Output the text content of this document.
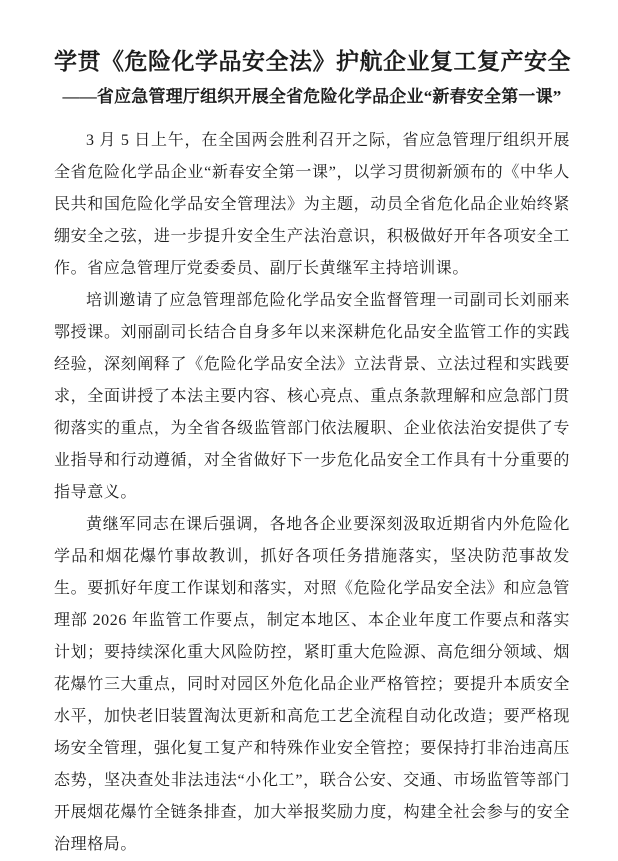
学贯《危险化学品安全法》护航企业复工复产安全
——省应急管理厅组织开展全省危险化学品企业“新春安全第一课”

3 月 5 日上午，在全国两会胜利召开之际，省应急管理厅组织开展全省危险化学品企业“新春安全第一课”，以学习贯彻新颁布的《中华人民共和国危险化学品安全管理法》为主题，动员全省危化品企业始终紧绷安全之弦，进一步提升安全生产法治意识，积极做好开年各项安全工作。省应急管理厅党委委员、副厅长黄继军主持培训课。

培训邀请了应急管理部危险化学品安全监督管理一司副司长刘丽来鄂授课。刘丽副司长结合自身多年以来深耕危化品安全监管工作的实践经验，深刻阐释了《危险化学品安全法》立法背景、立法过程和实践要求，全面讲授了本法主要内容、核心亮点、重点条款理解和应急部门贯彻落实的重点，为全省各级监管部门依法履职、企业依法治安提供了专业指导和行动遵循，对全省做好下一步危化品安全工作具有十分重要的指导意义。

黄继军同志在课后强调，各地各企业要深刻汲取近期省内外危险化学品和烟花爆竹事故教训，抓好各项任务措施落实，坚决防范事故发生。要抓好年度工作谋划和落实，对照《危险化学品安全法》和应急管理部 2026 年监管工作要点，制定本地区、本企业年度工作要点和落实计划；要持续深化重大风险防控，紧盯重大危险源、高危细分领域、烟花爆竹三大重点，同时对园区外危化品企业严格管控；要提升本质安全水平，加快老旧装置淘汰更新和高危工艺全流程自动化改造；要严格现场安全管理，强化复工复产和特殊作业安全管控；要保持打非治违高压态势，坚决查处非法违法“小化工”，联合公安、交通、市场监管等部门开展烟花爆竹全链条排查，加大举报奖励力度，构建全社会参与的安全治理格局。
